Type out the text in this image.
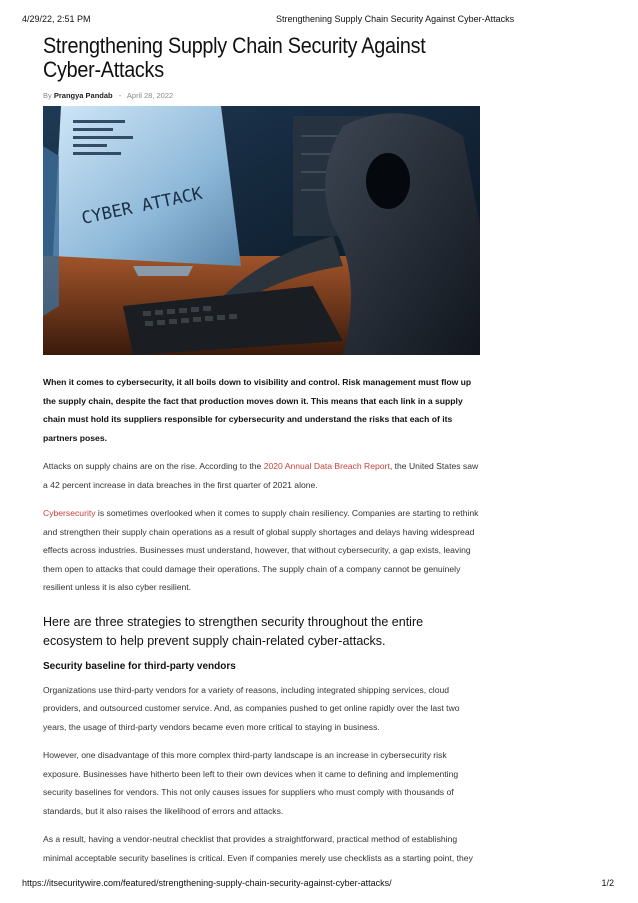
4/29/22, 2:51 PM	Strengthening Supply Chain Security Against Cyber-Attacks
Strengthening Supply Chain Security Against Cyber-Attacks
By Prangya Pandab - April 28, 2022
CYBER ATTACK

When it comes to cybersecurity, it all boils down to visibility and control. Risk management must flow up the supply chain, despite the fact that production moves down it. This means that each link in a supply chain must hold its suppliers responsible for cybersecurity and understand the risks that each of its partners poses.

Attacks on supply chains are on the rise. According to the 2020 Annual Data Breach Report, the United States saw a 42 percent increase in data breaches in the first quarter of 2021 alone.

Cybersecurity is sometimes overlooked when it comes to supply chain resiliency. Companies are starting to rethink and strengthen their supply chain operations as a result of global supply shortages and delays having widespread effects across industries. Businesses must understand, however, that without cybersecurity, a gap exists, leaving them open to attacks that could damage their operations. The supply chain of a company cannot be genuinely resilient unless it is also cyber resilient.

Here are three strategies to strengthen security throughout the entire ecosystem to help prevent supply chain-related cyber-attacks.
Security baseline for third-party vendors

Organizations use third-party vendors for a variety of reasons, including integrated shipping services, cloud providers, and outsourced customer service. And, as companies pushed to get online rapidly over the last two years, the usage of third-party vendors became even more critical to staying in business.

However, one disadvantage of this more complex third-party landscape is an increase in cybersecurity risk exposure. Businesses have hitherto been left to their own devices when it came to defining and implementing security baselines for vendors. This not only causes issues for suppliers who must comply with thousands of standards, but it also raises the likelihood of errors and attacks.

As a result, having a vendor-neutral checklist that provides a straightforward, practical method of establishing minimal acceptable security baselines is critical. Even if companies merely use checklists as a starting point, they

https://itsecuritywire.com/featured/strengthening-supply-chain-security-against-cyber-attacks/	1/2
